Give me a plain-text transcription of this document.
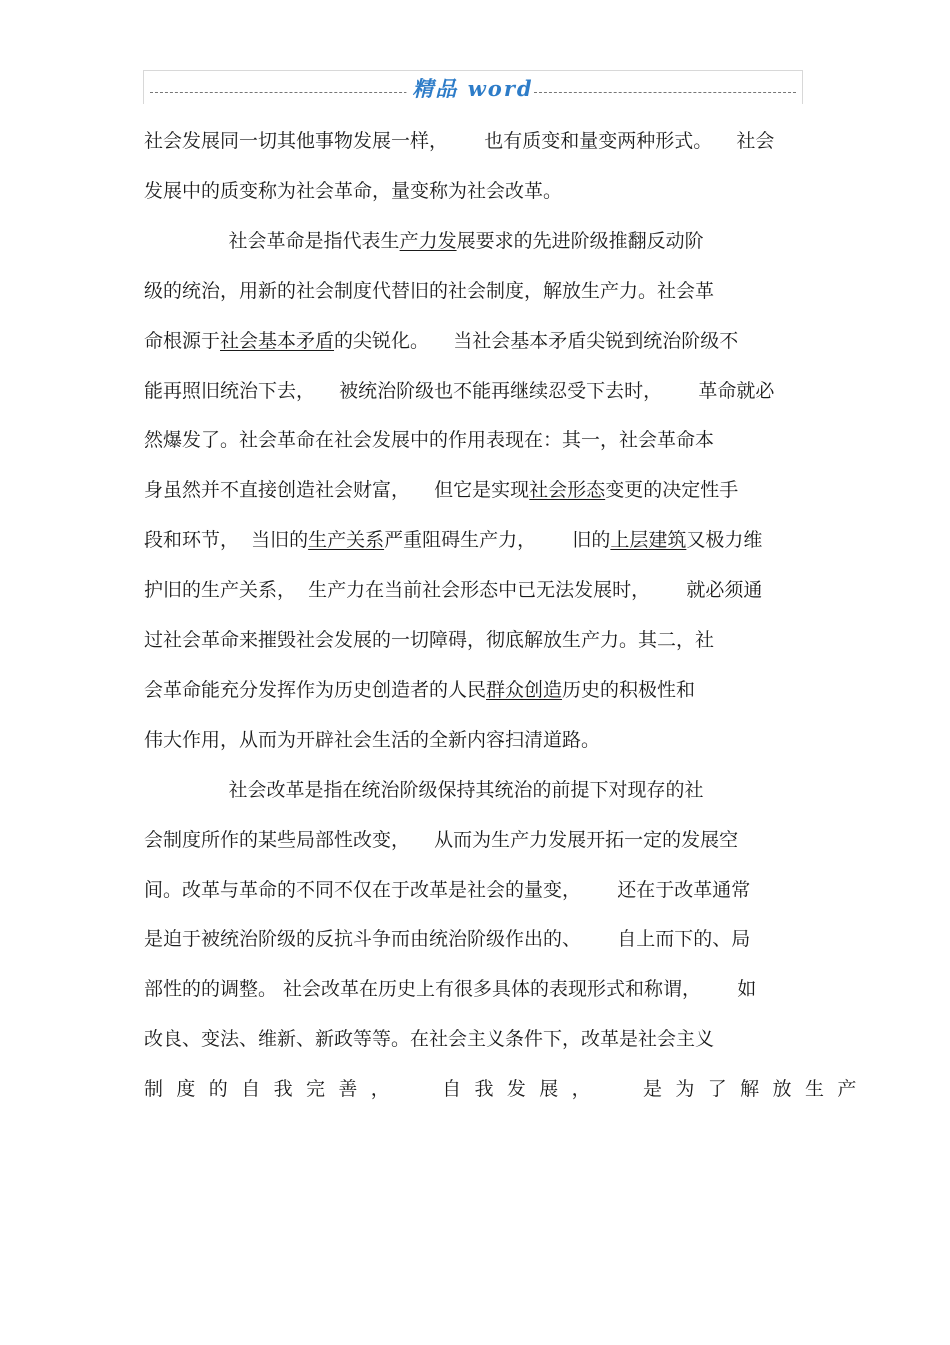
精品 word
社会发展同一切其他事物发展一样，      也有质变和量变两种形式。    社会
发展中的质变称为社会革命，量变称为社会改革。
社会革命是指代表生产力发展要求的先进阶级推翻反动阶
级的统治，用新的社会制度代替旧的社会制度，解放生产力。社会革
命根源于社会基本矛盾的尖锐化。    当社会基本矛盾尖锐到统治阶级不
能再照旧统治下去，    被统治阶级也不能再继续忍受下去时，      革命就必
然爆发了。社会革命在社会发展中的作用表现在：其一，社会革命本
身虽然并不直接创造社会财富，    但它是实现社会形态变更的决定性手
段和环节，  当旧的生产关系严重阻碍生产力，      旧的上层建筑又极力维
护旧的生产关系，  生产力在当前社会形态中已无法发展时，      就必须通
过社会革命来摧毁社会发展的一切障碍，彻底解放生产力。其二，社
会革命能充分发挥作为历史创造者的人民群众创造历史的积极性和
伟大作用，从而为开辟社会生活的全新内容扫清道路。
社会改革是指在统治阶级保持其统治的前提下对现存的社
会制度所作的某些局部性改变，    从而为生产力发展开拓一定的发展空
间。改革与革命的不同不仅在于改革是社会的量变，      还在于改革通常
是迫于被统治阶级的反抗斗争而由统治阶级作出的、      自上而下的、局
部性的的调整。 社会改革在历史上有很多具体的表现形式和称谓，      如
改良、变法、维新、新政等等。在社会主义条件下，改革是社会主义
制度的自我完善，  自我发展，  是为了解放生产
